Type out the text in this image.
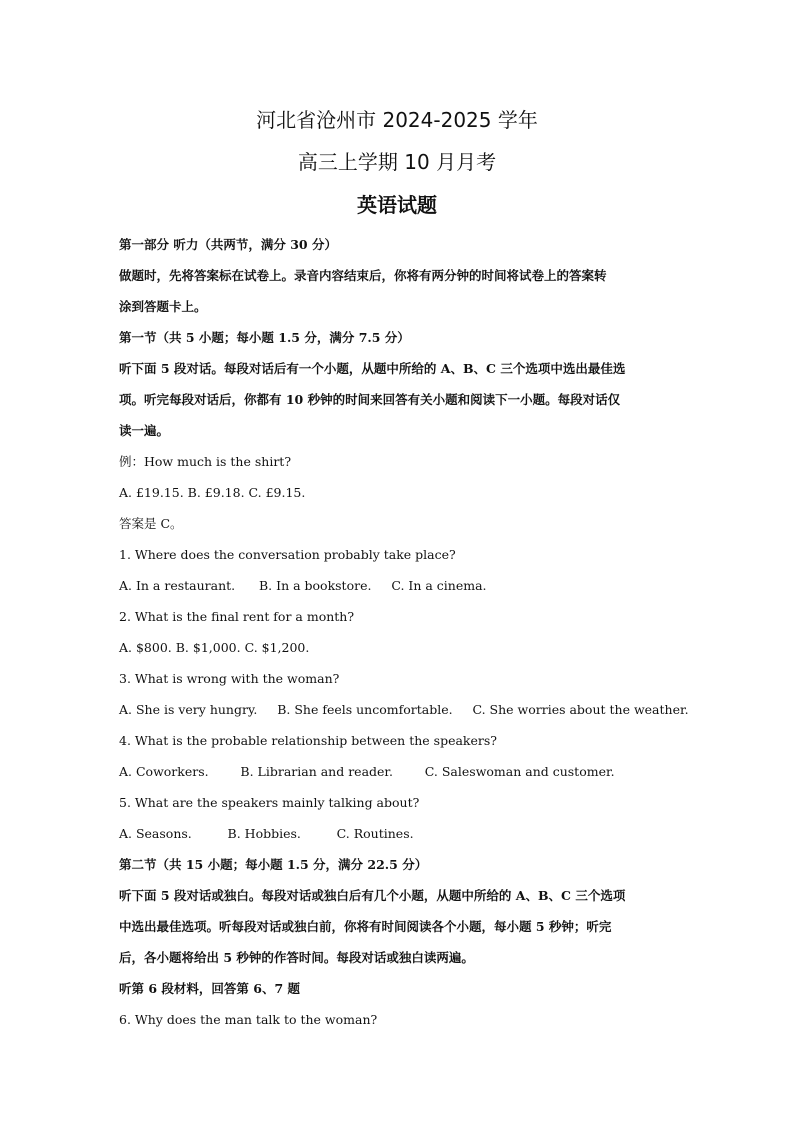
河北省沧州市 2024-2025 学年
高三上学期 10 月月考
英语试题
第一部分 听力（共两节，满分 30 分）
做题时，先将答案标在试卷上。录音内容结束后，你将有两分钟的时间将试卷上的答案转
涂到答题卡上。
第一节（共 5 小题；每小题 1.5 分，满分 7.5 分）
听下面 5 段对话。每段对话后有一个小题，从题中所给的 A、B、C 三个选项中选出最佳选
项。听完每段对话后，你都有 10 秒钟的时间来回答有关小题和阅读下一小题。每段对话仅
读一遍。
例：How much is the shirt?
A. £19.15. B. £9.18. C. £9.15.
答案是 C。
1. Where does the conversation probably take place?
A. In a restaurant. B. In a bookstore. C. In a cinema.
2. What is the final rent for a month?
A. $800. B. $1,000. C. $1,200.
3. What is wrong with the woman?
A. She is very hungry. B. She feels uncomfortable. C. She worries about the weather.
4. What is the probable relationship between the speakers?
A. Coworkers.	B. Librarian and reader.	C. Saleswoman and customer.
5. What are the speakers mainly talking about?
A. Seasons.	B. Hobbies.	C. Routines.
第二节（共 15 小题；每小题 1.5 分，满分 22.5 分）
听下面 5 段对话或独白。每段对话或独白后有几个小题，从题中所给的 A、B、C 三个选项
中选出最佳选项。听每段对话或独白前，你将有时间阅读各个小题，每小题 5 秒钟；听完
后，各小题将给出 5 秒钟的作答时间。每段对话或独白读两遍。
听第 6 段材料，回答第 6、7 题
6. Why does the man talk to the woman?
